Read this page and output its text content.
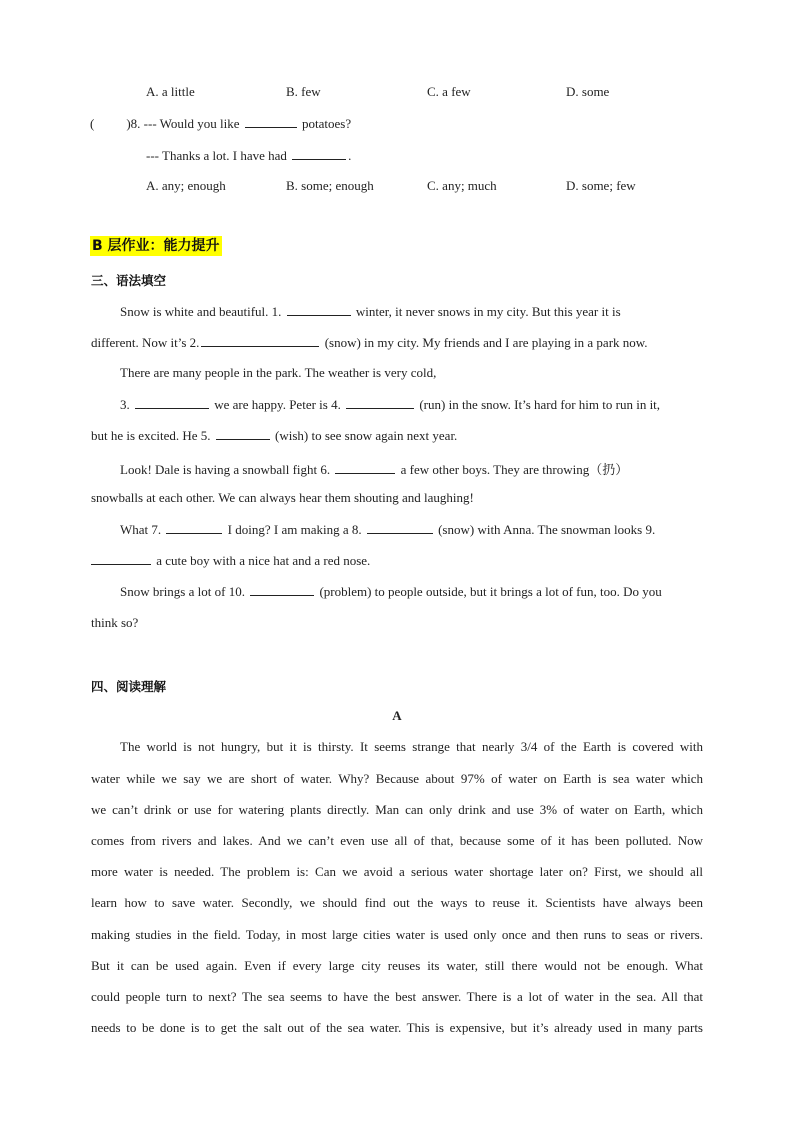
A. a little	B. few	C. a few	D. some
( )8. --- Would you like	potatoes?
--- Thanks a lot. I have had	.
A. any; enough	B. some; enough	C. any; much	D. some; few
B 层作业：能力提升
三、语法填空
Snow is white and beautiful. 1.	winter, it never snows in my city. But this year it is
different. Now it’s 2.	(snow) in my city. My friends and I are playing in a park now.
There are many people in the park. The weather is very cold,
3.	we are happy. Peter is 4.	(run) in the snow. It’s hard for him to run in it,
but he is excited. He 5.	(wish) to see snow again next year.
Look! Dale is having a snowball fight 6.	a few other boys. They are throwing（扔）
snowballs at each other. We can always hear them shouting and laughing!
What 7.	I doing? I am making a 8.	(snow) with Anna. The snowman looks 9.
a cute boy with a nice hat and a red nose.
Snow brings a lot of 10.	(problem) to people outside, but it brings a lot of fun, too. Do you
think so?
四、阅读理解
A
The world is not hungry, but it is thirsty. It seems strange that nearly 3/4 of the Earth is covered with
water while we say we are short of water. Why? Because about 97% of water on Earth is sea water which
we can’t drink or use for watering plants directly. Man can only drink and use 3% of water on Earth, which
comes from rivers and lakes. And we can’t even use all of that, because some of it has been polluted. Now
more water is needed. The problem is: Can we avoid a serious water shortage later on? First, we should all
learn how to save water. Secondly, we should find out the ways to reuse it. Scientists have always been
making studies in the field. Today, in most large cities water is used only once and then runs to seas or rivers.
But it can be used again. Even if every large city reuses its water, still there would not be enough. What
could people turn to next? The sea seems to have the best answer. There is a lot of water in the sea. All that
needs to be done is to get the salt out of the sea water. This is expensive, but it’s already used in many parts
